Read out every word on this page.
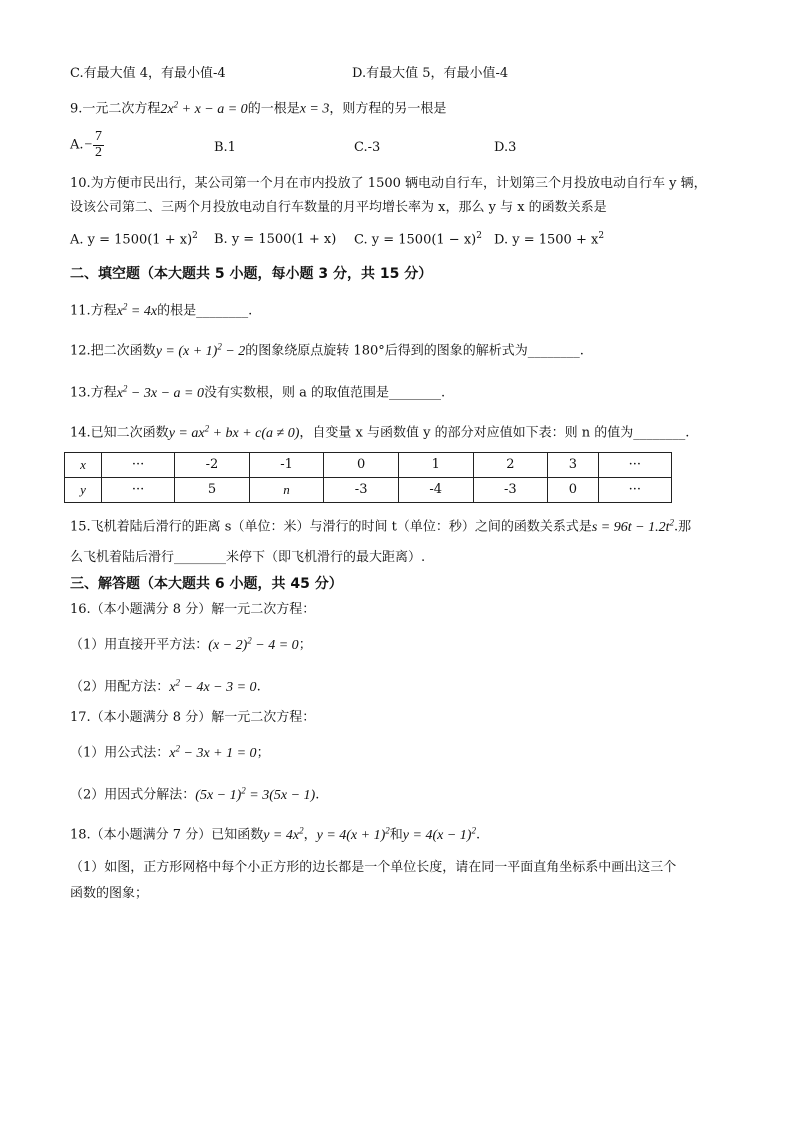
C.有最大值 4，有最小值-4	D.有最大值 5，有最小值-4
9.一元二次方程$2x^2 + x - a = 0$的一根是x = 3，则方程的另一根是
$A.- \frac{7}{2}$	B.1	C.-3	D.3
10.为方便市民出行，某公司第一个月在市内投放了 1500 辆电动自行车，计划第三个月投放电动自行车 y 辆，
设该公司第二、三两个月投放电动自行车数量的月平均增长率为 x，那么 y 与 x 的函数关系是
A. $y = 1500(1 + x)^2$ B. y = 1500(1 + x) C. $y = 1500(1 - x)^2$ D. $y = 1500 + x^2$
二、填空题（本大题共 5 小题，每小题 3 分，共 15 分）
11.方程$x^2 = 4x$的根是________.
12.把二次函数$y = (x + 1)^2 - 2$的图象绕原点旋转 180°后得到的图象的解析式为________.
13.方程$x^2 - 3x - a = 0$没有实数根，则 a 的取值范围是________.
14.已知二次函数$y = ax^2$ + bx + c(a ≠ 0)，自变量 x 与函数值 y 的部分对应值如下表：则 n 的值为________.
x	···	-2	-1	0	1	2	3	···
y	···	5	n	-3	-4	-3	0	···
15.飞机着陆后滑行的距离 s（单位：米）与滑行的时间 t（单位：秒）之间的函数关系式是$s = 96t - 1.2t^2$.那
么飞机着陆后滑行________米停下（即飞机滑行的最大距离）.
三、解答题（本大题共 6 小题，共 45 分）
16.（本小题满分 8 分）解一元二次方程：
（1）用直接开平方法：$(x - 2)^2 - 4 = 0$；
（2）用配方法：$x^2 - 4x - 3 = 0$.
17.（本小题满分 8 分）解一元二次方程：
（1）用公式法：$x^2 - 3x + 1 = 0$；
（2）用因式分解法：$(5x - 1)^2 = 3(5x - 1)$.
18.（本小题满分 7 分）已知函数$y = 4x^2$，$y = 4(x + 1)^2$和$y = 4(x - 1)^2$.
（1）如图，正方形网格中每个小正方形的边长都是一个单位长度，请在同一平面直角坐标系中画出这三个
函数的图象；
